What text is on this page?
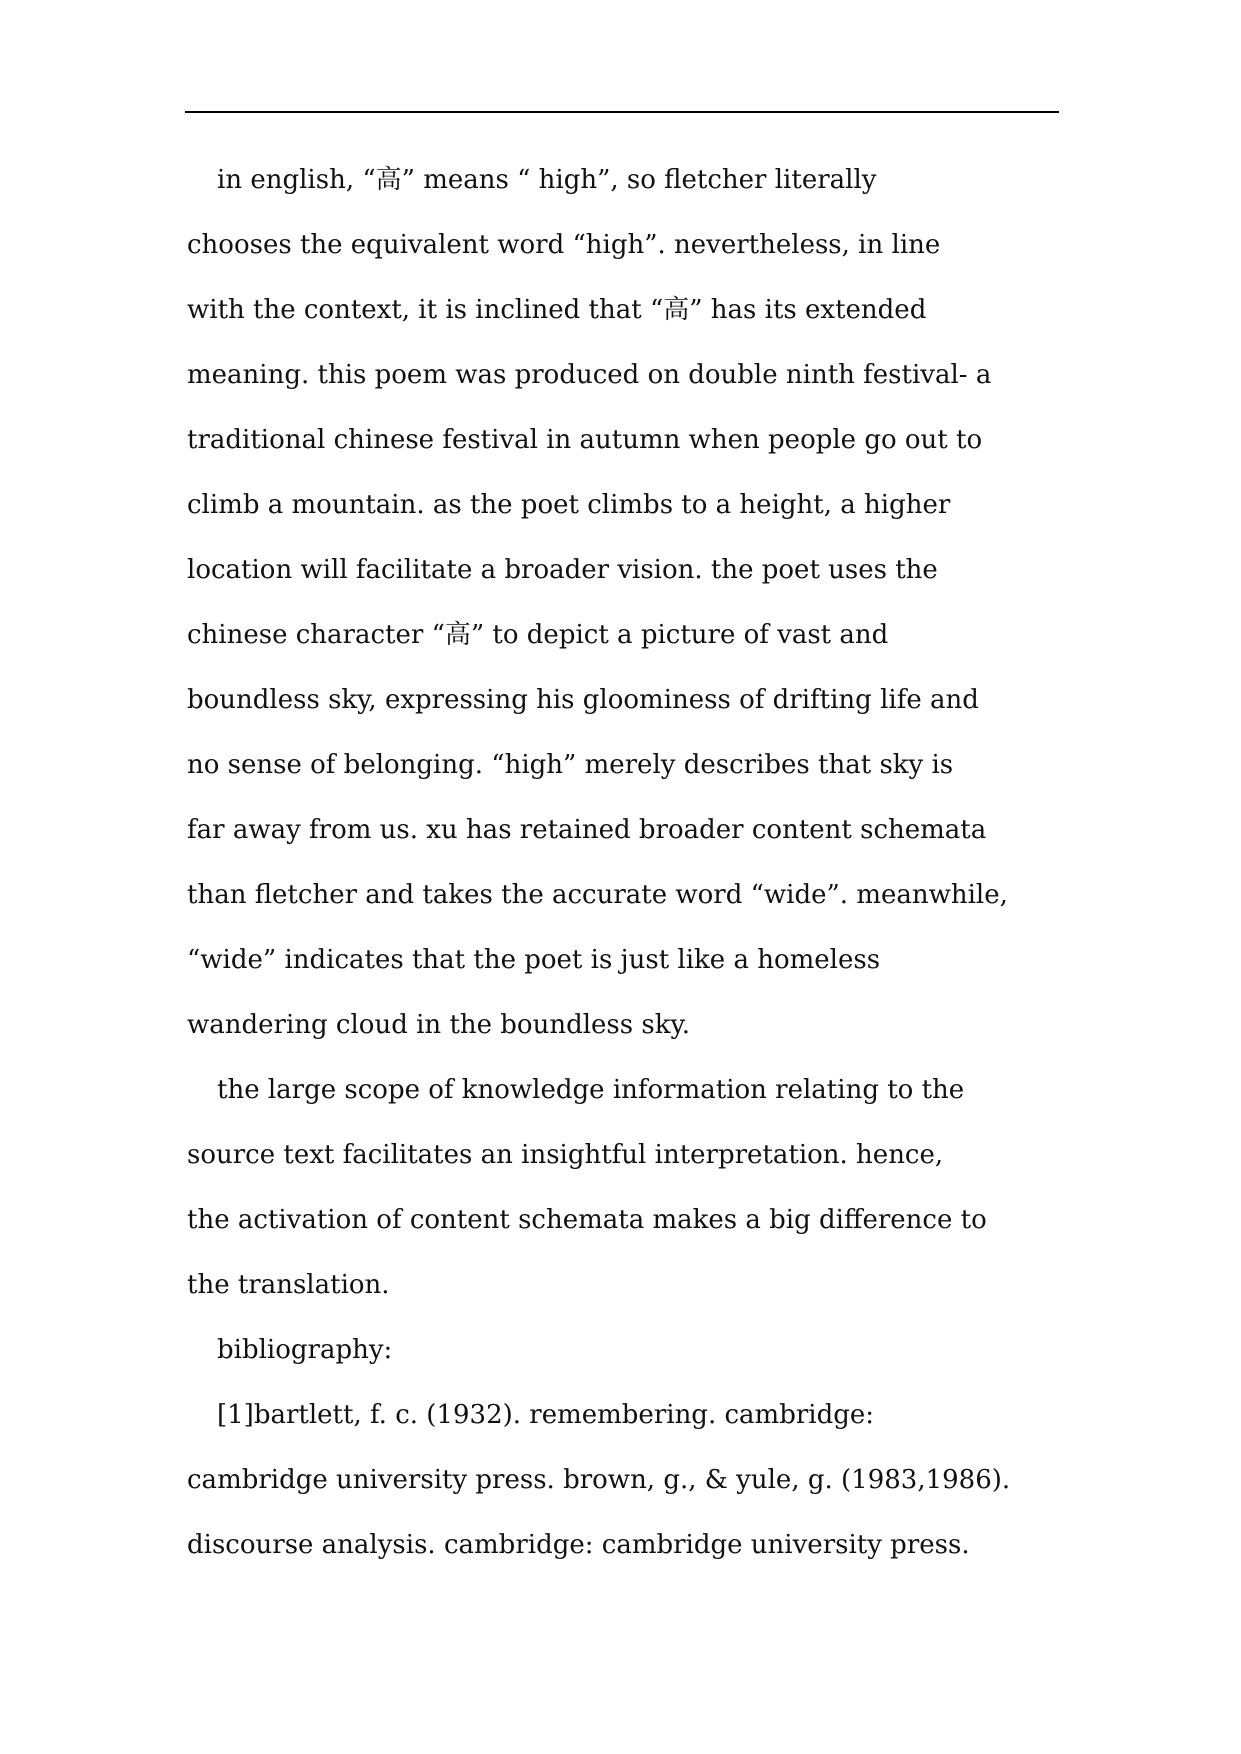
in english, “高” means “ high”, so fletcher literally
chooses the equivalent word “high”. nevertheless, in line
with the context, it is inclined that “高” has its extended
meaning. this poem was produced on double ninth festival- a
traditional chinese festival in autumn when people go out to
climb a mountain. as the poet climbs to a height, a higher
location will facilitate a broader vision. the poet uses the
chinese character “高” to depict a picture of vast and
boundless sky, expressing his gloominess of drifting life and
no sense of belonging. “high” merely describes that sky is
far away from us. xu has retained broader content schemata
than fletcher and takes the accurate word “wide”. meanwhile,
“wide” indicates that the poet is just like a homeless
wandering cloud in the boundless sky.
the large scope of knowledge information relating to the
source text facilitates an insightful interpretation. hence,
the activation of content schemata makes a big difference to
the translation.
bibliography:
[1]bartlett, f. c. (1932). remembering. cambridge:
cambridge university press. brown, g., & yule, g. (1983,1986).
discourse analysis. cambridge: cambridge university press.
